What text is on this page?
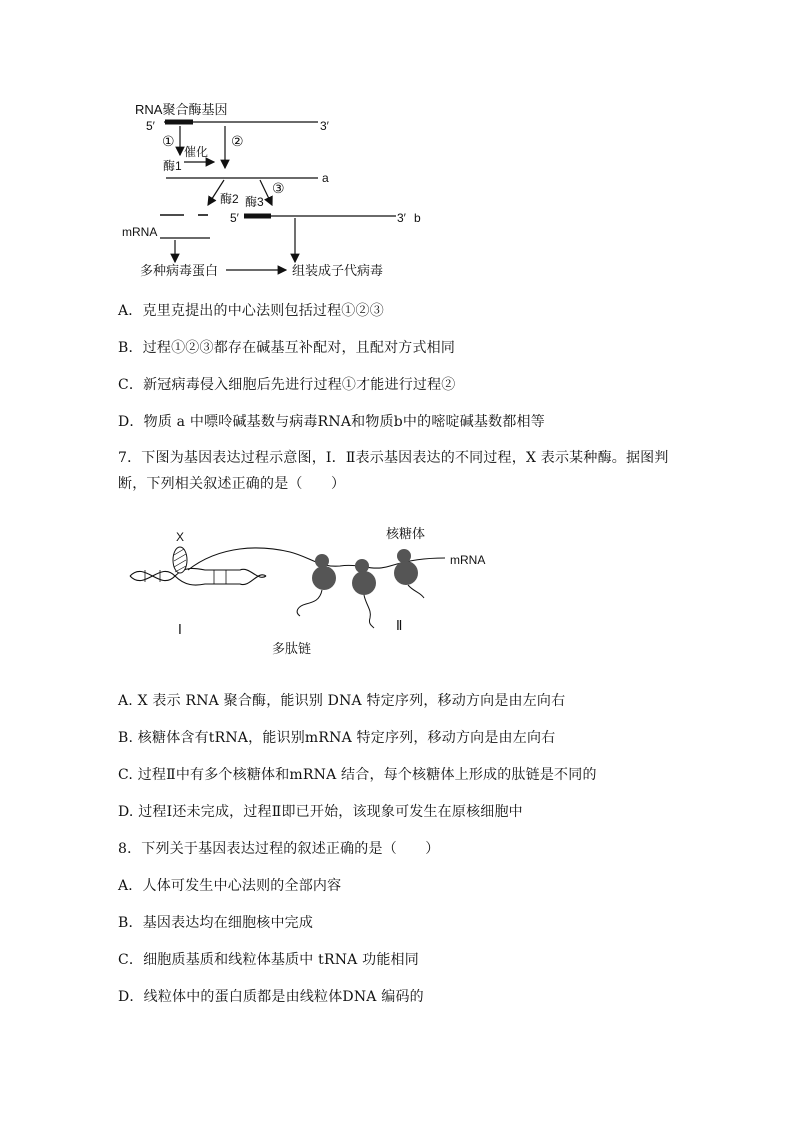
RNA聚合酶基因
5′	3′
①
催化
酶1
②
a
③
酶2 酶3
5′	3′ b
mRNA
多种病毒蛋白	组装成子代病毒
A．克里克提出的中心法则包括过程①②③
B．过程①②③都存在碱基互补配对，且配对方式相同
C．新冠病毒侵入细胞后先进行过程①才能进行过程②
D．物质 a 中嘌呤碱基数与病毒RNA和物质b中的嘧啶碱基数都相等
7．下图为基因表达过程示意图，Ⅰ．Ⅱ表示基因表达的不同过程，X 表示某种酶。据图判断，下列相关叙述正确的是（　　）
X	核糖体
mRNA
Ⅰ	Ⅱ
多肽链
A. X 表示 RNA 聚合酶，能识别 DNA 特定序列，移动方向是由左向右
B. 核糖体含有tRNA，能识别mRNA 特定序列，移动方向是由左向右
C. 过程Ⅱ中有多个核糖体和mRNA 结合，每个核糖体上形成的肽链是不同的
D. 过程Ⅰ还未完成，过程Ⅱ即已开始，该现象可发生在原核细胞中
8．下列关于基因表达过程的叙述正确的是（　　）
A．人体可发生中心法则的全部内容
B．基因表达均在细胞核中完成
C．细胞质基质和线粒体基质中 tRNA 功能相同
D．线粒体中的蛋白质都是由线粒体DNA 编码的
